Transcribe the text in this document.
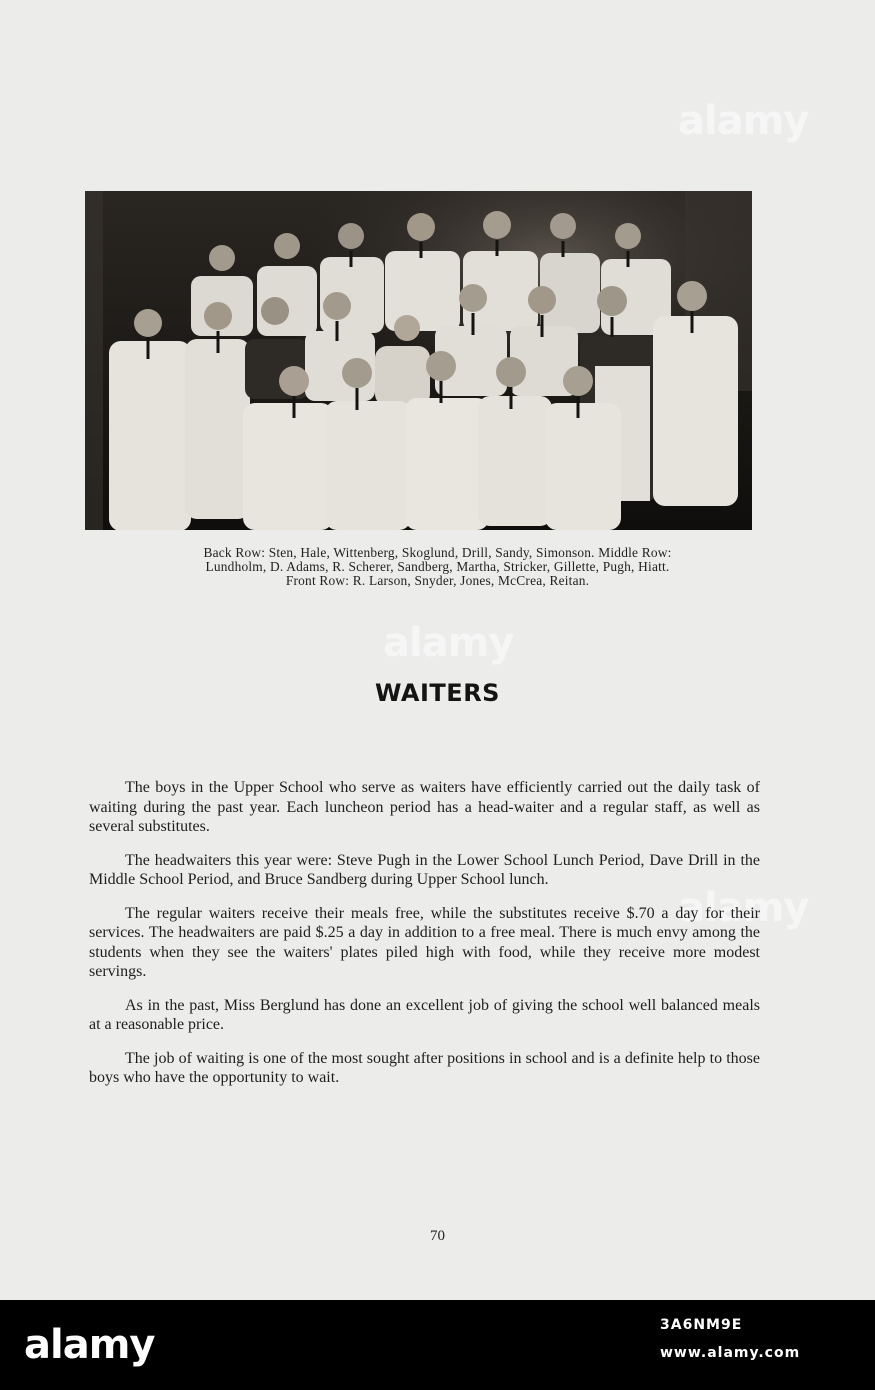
alamy
alamy
alamy
Back Row: Sten, Hale, Wittenberg, Skoglund, Drill, Sandy, Simonson. Middle Row:
Lundholm, D. Adams, R. Scherer, Sandberg, Martha, Stricker, Gillette, Pugh, Hiatt.
Front Row: R. Larson, Snyder, Jones, McCrea, Reitan.
WAITERS

The boys in the Upper School who serve as waiters have efficiently carried out the daily task of waiting during the past year. Each luncheon period has a head-waiter and a regular staff, as well as several substitutes.

The headwaiters this year were: Steve Pugh in the Lower School Lunch Period, Dave Drill in the Middle School Period, and Bruce Sandberg during Upper School lunch.

The regular waiters receive their meals free, while the substitutes receive $.70 a day for their services. The headwaiters are paid $.25 a day in addition to a free meal. There is much envy among the students when they see the waiters' plates piled high with food, while they receive more modest servings.

As in the past, Miss Berglund has done an excellent job of giving the school well balanced meals at a reasonable price.

The job of waiting is one of the most sought after positions in school and is a definite help to those boys who have the opportunity to wait.

70
alamy	3A6NM9E
www.alamy.com
